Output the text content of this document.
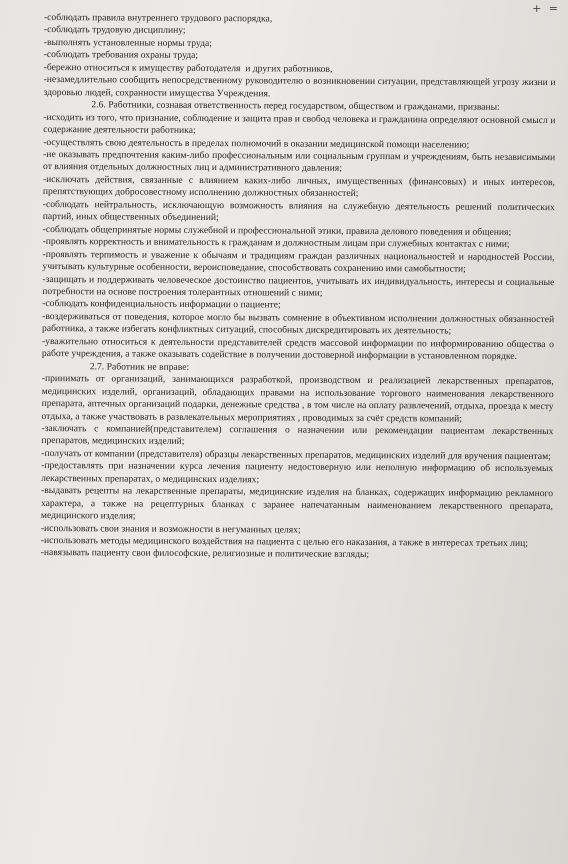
+ =

-соблюдать правила внутреннего трудового распорядка,

-соблюдать трудовую дисциплину;

-выполнять установленные нормы труда;

-соблюдать требования охраны труда;

-бережно относиться к имуществу работодателя  и других работников,

-незамедлительно сообщить непосредственному руководителю о возникновении ситуации, представляющей угрозу жизни и здоровью людей, сохранности имущества Учреждения.

2.6. Работники, сознавая ответственность перед государством, обществом и гражданами, призваны:

-исходить из того, что признание, соблюдение и защита прав и свобод человека и гражданина определяют основной смысл и содержание деятельности работника;

-осуществлять свою деятельность в пределах полномочий в оказании медицинской помощи населению;

-не оказывать предпочтения каким-либо профессиональным или социальным группам и учреждениям, быть независимыми от влияния отдельных должностных лиц и административного давления;

-исключать действия, связанные с влиянием каких-либо личных, имущественных (финансовых) и иных интересов, препятствующих добросовестному исполнению должностных обязанностей;

-соблюдать нейтральность, исключающую возможность влияния на служебную деятельность решений политических партий, иных общественных объединений;

-соблюдать общепринятые нормы служебной и профессиональной этики, правила делового поведения и общения;

-проявлять корректность и внимательность к гражданам и должностным лицам при служебных контактах с ними;

-проявлять терпимость и уважение к обычаям и традициям граждан различных национальностей и народностей России, учитывать культурные особенности, вероисповедание, способствовать сохранению ими самобытности;

-защищать и поддерживать человеческое достоинство пациентов, учитывать их индивидуальность, интересы и социальные потребности на основе построения толерантных отношений с ними;

-соблюдать конфиденциальность информации о пациенте;

-воздерживаться от поведения, которое могло бы вызвать сомнение в объективном исполнении должностных обязанностей работника, а также избегать конфликтных ситуаций, способных дискредитировать их деятельность;

-уважительно относиться к деятельности представителей средств массовой информации по информированию общества о работе учреждения, а также оказывать содействие в получении достоверной информации в установленном порядке.

2.7. Работник не вправе:

-принимать от организаций, занимающихся разработкой, производством и реализацией лекарственных препаратов, медицинских изделий, организаций, обладающих правами на использование торгового наименования лекарственного препарата, аптечных организаций подарки, денежные средства , в том числе на оплату развлечений, отдыха, проезда к месту отдыха, а также участвовать в развлекательных мероприятиях , проводимых за счёт средств компаний;

-заключать с компанией(представителем) соглашения о назначении или рекомендации пациентам лекарственных препаратов, медицинских изделий;

-получать от компании (представителя) образцы лекарственных препаратов, медицинских изделий для вручения пациентам;

-предоставлять при назначении курса лечения пациенту недостоверную или неполную информацию об используемых лекарственных препаратах, о медицинских изделиях;

-выдавать рецепты на лекарственные препараты, медицинские изделия на бланках, содержащих информацию рекламного характера, а также на рецептурных бланках с заранее напечатанным наименованием лекарственного препарата, медицинского изделия;

-использовать свои знания и возможности в негуманных целях;

-использовать методы медицинского воздействия на пациента с целью его наказания, а также в интересах третьих лиц;

-навязывать пациенту свои философские, религиозные и политические взгляды;
